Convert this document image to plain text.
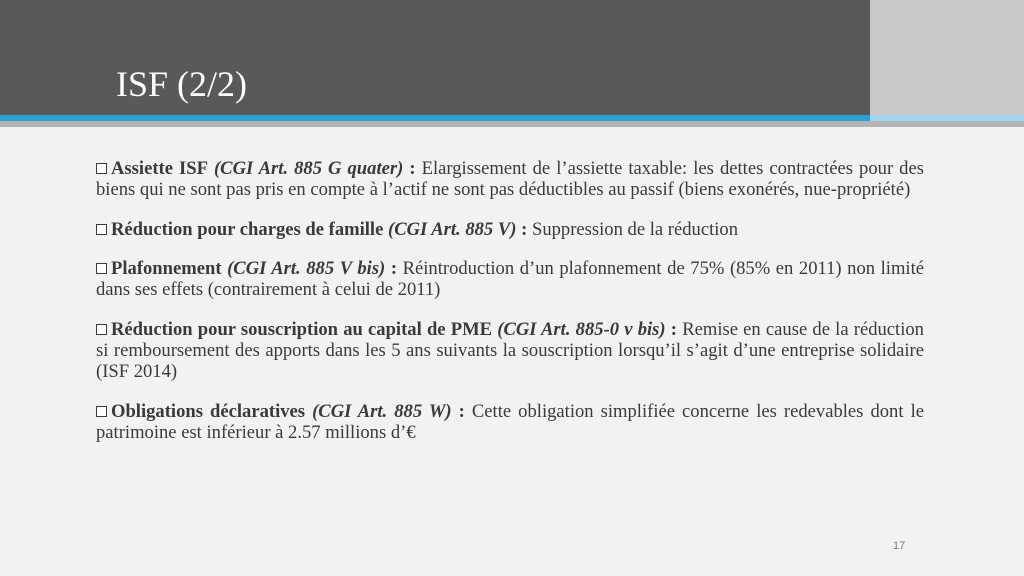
ISF (2/2)
Assiette ISF (CGI Art. 885 G quater) : Elargissement de l’assiette taxable: les dettes contractées pour des biens qui ne sont pas pris en compte à l’actif ne sont pas déductibles au passif (biens exonérés, nue-propriété)
Réduction pour charges de famille (CGI Art. 885 V) : Suppression de la réduction
Plafonnement (CGI Art. 885 V bis) : Réintroduction d’un plafonnement de 75% (85% en 2011) non limité dans ses effets (contrairement à celui de 2011)
Réduction pour souscription au capital de PME (CGI Art. 885-0 v bis) : Remise en cause de la réduction si remboursement des apports dans les 5 ans suivants la souscription lorsqu’il s’agit d’une entreprise solidaire (ISF 2014)
Obligations déclaratives (CGI Art. 885 W) : Cette obligation simplifiée concerne les redevables dont le patrimoine est inférieur à 2.57 millions d’€
17
